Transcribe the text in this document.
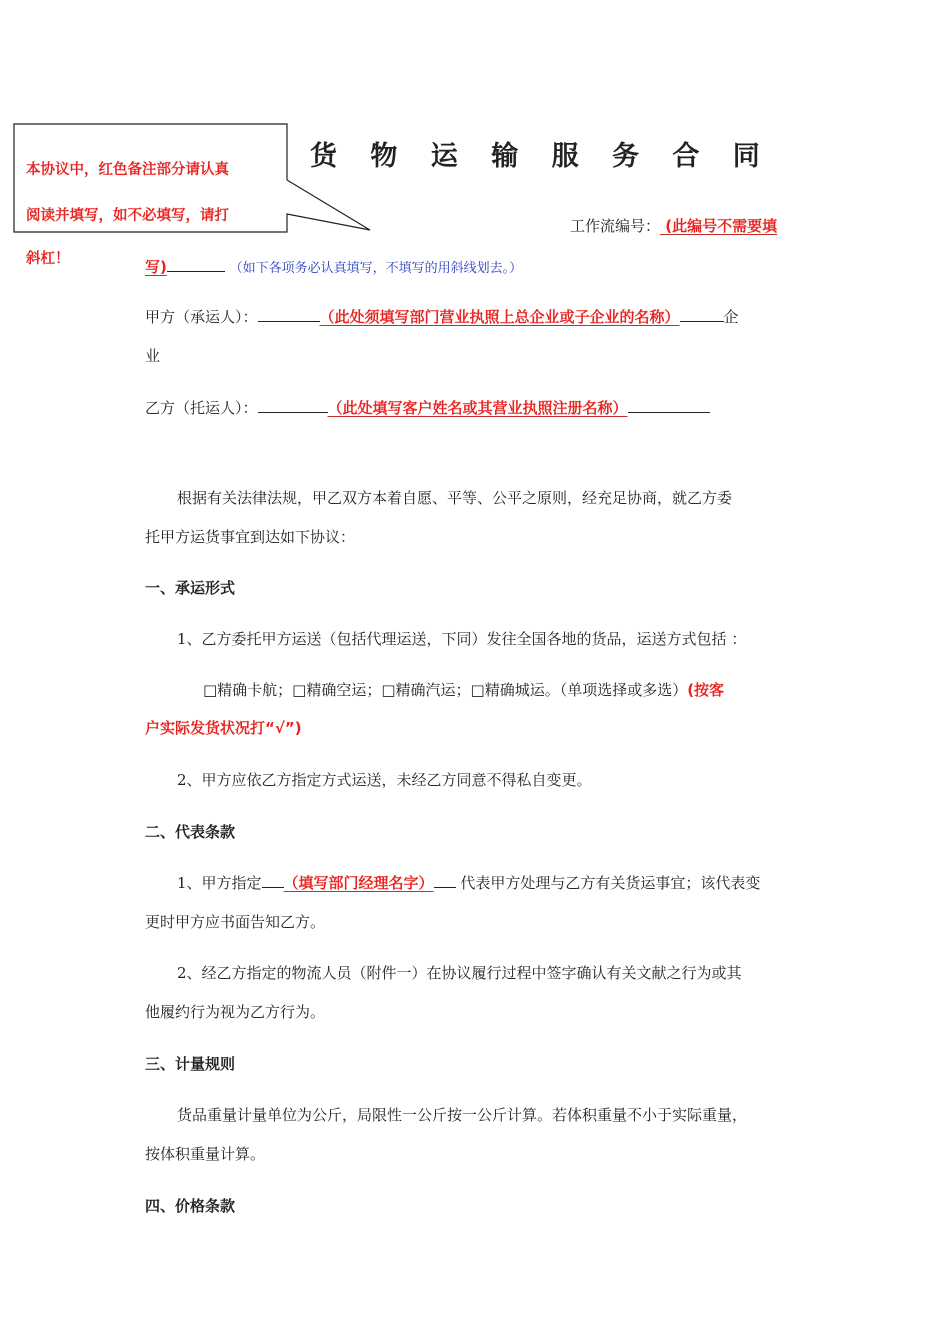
本协议中，红色备注部分请认真
阅读并填写，如不必填写，请打
斜杠！
货 物 运 输 服 务 合 同
工作流编号： (此编号不需要填
写)	（如下各项务必认真填写，不填写的用斜线划去。）
甲方（承运人）：	（此处须填写部门营业执照上总企业或子企业的名称）	企
业
乙方（托运人）：	（此处填写客户姓名或其营业执照注册名称）
根据有关法律法规，甲乙双方本着自愿、平等、公平之原则，经充足协商，就乙方委
托甲方运货事宜到达如下协议：
一、承运形式
1、乙方委托甲方运送（包括代理运送，下同）发往全国各地的货品，运送方式包括 ：
□精确卡航；□精确空运；□精确汽运；□精确城运。（单项选择或多选）(按客
户实际发货状况打“√”)
2、甲方应依乙方指定方式运送，未经乙方同意不得私自变更。
二、代表条款
1、甲方指定 （填写部门经理名字） 代表甲方处理与乙方有关货运事宜；该代表变
更时甲方应书面告知乙方。
2、经乙方指定的物流人员（附件一）在协议履行过程中签字确认有关文献之行为或其
他履约行为视为乙方行为。
三、计量规则
货品重量计量单位为公斤，局限性一公斤按一公斤计算。若体积重量不小于实际重量，
按体积重量计算。
四、价格条款
